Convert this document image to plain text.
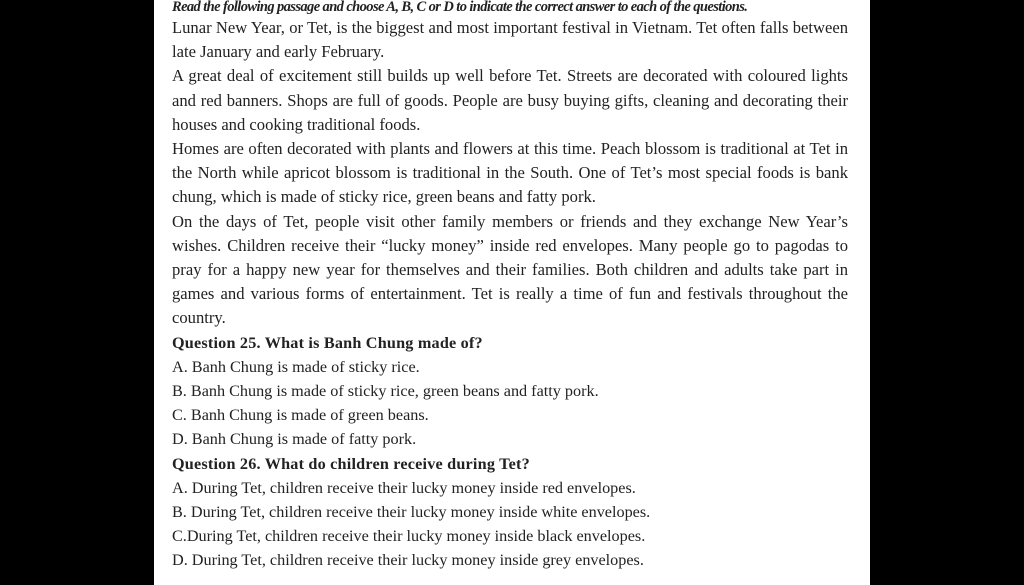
Read the following passage and choose A, B, C or D to indicate the correct answer to each of the questions.

Lunar New Year, or Tet, is the biggest and most important festival in Vietnam. Tet often falls between late January and early February.

A great deal of excitement still builds up well before Tet. Streets are decorated with coloured lights and red banners. Shops are full of goods. People are busy buying gifts, cleaning and decorating their houses and cooking traditional foods.

Homes are often decorated with plants and flowers at this time. Peach blossom is traditional at Tet in the North while apricot blossom is traditional in the South. One of Tet’s most special foods is bank chung, which is made of sticky rice, green beans and fatty pork.

On the days of Tet, people visit other family members or friends and they exchange New Year’s wishes. Children receive their “lucky money” inside red envelopes. Many people go to pagodas to pray for a happy new year for themselves and their families. Both children and adults take part in games and various forms of entertainment. Tet is really a time of fun and festivals throughout the country.

Question 25. What is Banh Chung made of?
A. Banh Chung is made of sticky rice.
B. Banh Chung is made of sticky rice, green beans and fatty pork.
C. Banh Chung is made of green beans.
D. Banh Chung is made of fatty pork.
Question 26. What do children receive during Tet?
A. During Tet, children receive their lucky money inside red envelopes.
B. During Tet, children receive their lucky money inside white envelopes.
C.During Tet, children receive their lucky money inside black envelopes.
D. During Tet, children receive their lucky money inside grey envelopes.
